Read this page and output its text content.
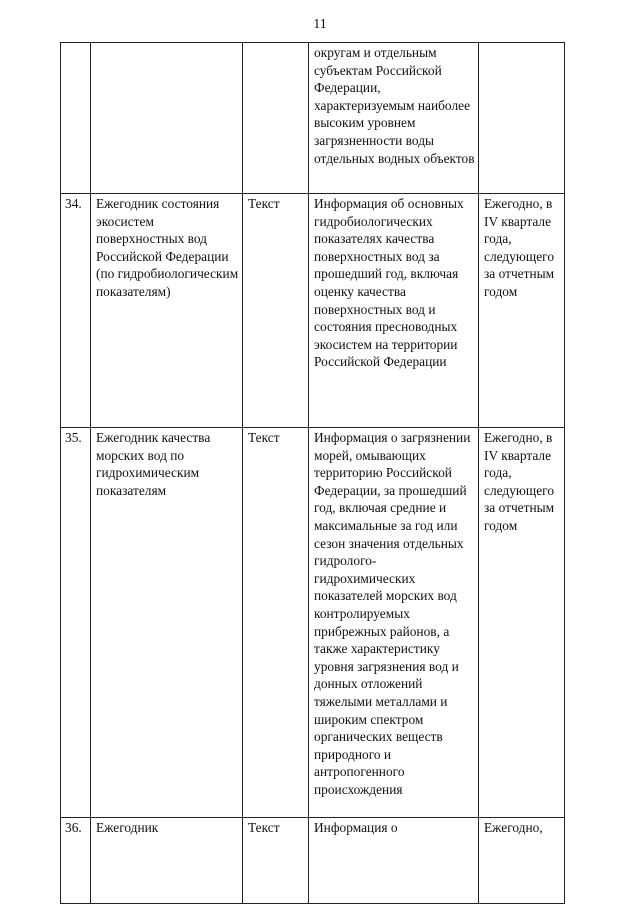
11
			округам и отдельным субъектам Российской Федерации, характеризуемым наиболее высоким уровнем загрязненности воды отдельных водных объектов	
34.	Ежегодник состояния экосистем поверхностных вод Российской Федерации (по гидробиологическим показателям)	Текст	Информация об основных гидробиологических показателях качества поверхностных вод за прошедший год, включая оценку качества поверхностных вод и состояния пресноводных экосистем на территории Российской Федерации	Ежегодно, в IV квартале года, следующего за отчетным годом
35.	Ежегодник качества морских вод по гидрохимическим показателям	Текст	Информация о загрязнении морей, омывающих территорию Российской Федерации, за прошедший год, включая средние и максимальные за год или сезон значения отдельных гидролого-гидрохимических показателей морских вод контролируемых прибрежных районов, а также характеристику уровня загрязнения вод и донных отложений тяжелыми металлами и широким спектром органических веществ природного и антропогенного происхождения	Ежегодно, в IV квартале года, следующего за отчетным годом
36.	Ежегодник	Текст	Информация о	Ежегодно,
